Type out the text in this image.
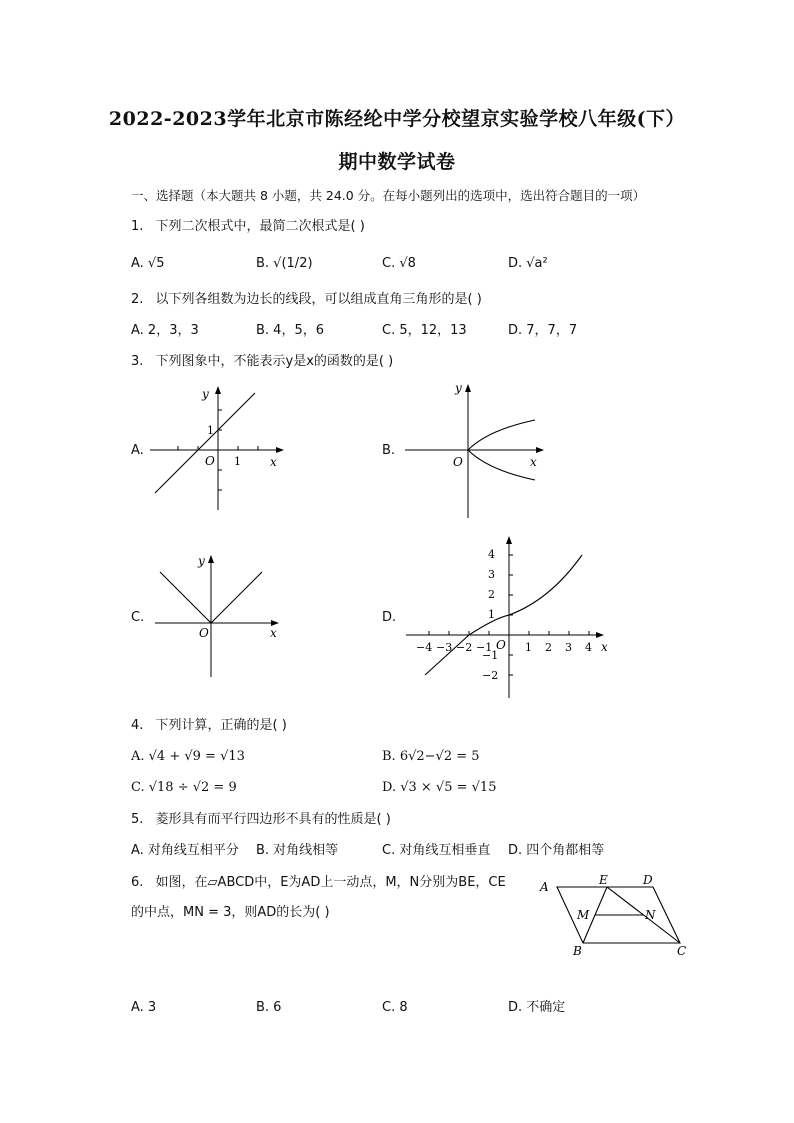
2022-2023学年北京市陈经纶中学分校望京实验学校八年级(下）
期中数学试卷
一、选择题（本大题共 8 小题，共 24.0 分。在每小题列出的选项中，选出符合题目的一项）
1. 下列二次根式中，最简二次根式是( )
A. √5	B. √(1/2)	C. √8	D. √a²
2. 以下列各组数为边长的线段，可以组成直角三角形的是( )
A. 2，3，3	B. 4，5，6	C. 5，12，13	D. 7，7，7
3. 下列图象中，不能表示y是x的函数的是( )
A.	B.
C.	D.
y
x
O 1
1
y
x
O
y
x
O
4
3
2
1
−1
−2
−4 −3 −2 −1	1 2 3 4
O	x
4. 下列计算，正确的是( )
A. √4 + √9 = √13	B. 6√2−√2 = 5
C. √18 ÷ √2 = 9	D. √3 × √5 = √15
5. 菱形具有而平行四边形不具有的性质是( )
A. 对角线互相平分 B. 对角线相等	C. 对角线互相垂直 D. 四个角都相等
6. 如图，在▱ABCD中，E为AD上一动点，M，N分别为BE，CE
的中点，MN = 3，则AD的长为( )
A	E	D
M	N
B	C
A. 3	B. 6	C. 8	D. 不确定
